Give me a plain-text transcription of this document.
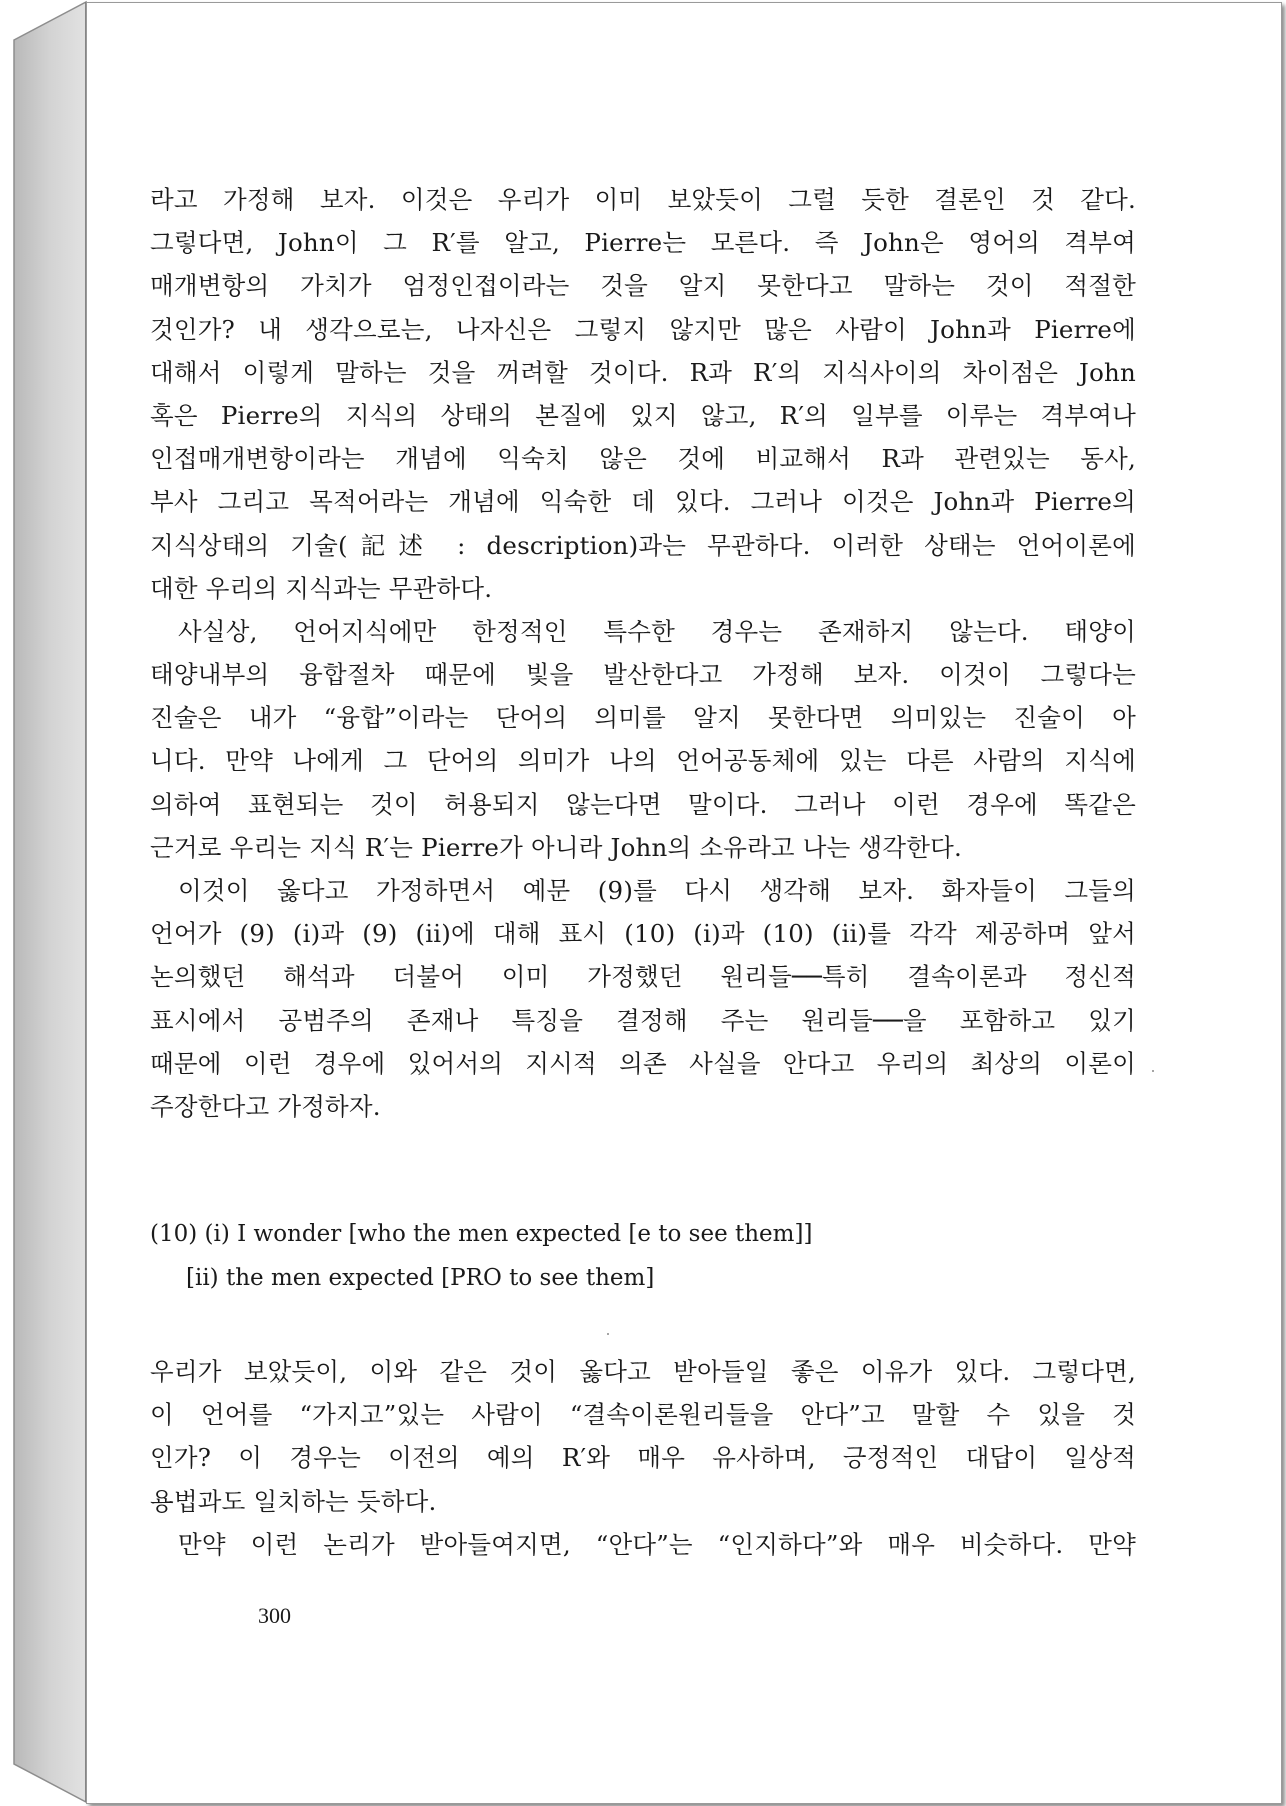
라고 가정해 보자. 이것은 우리가 이미 보았듯이 그럴 듯한 결론인 것 같다.
그렇다면, John이 그 R′를 알고, Pierre는 모른다. 즉 John은 영어의 격부여
매개변항의 가치가 엄정인접이라는 것을 알지 못한다고 말하는 것이 적절한
것인가? 내 생각으로는, 나자신은 그렇지 않지만 많은 사람이 John과 Pierre에
대해서 이렇게 말하는 것을 꺼려할 것이다. R과 R′의 지식사이의 차이점은 John
혹은 Pierre의 지식의 상태의 본질에 있지 않고, R′의 일부를 이루는 격부여나
인접매개변항이라는 개념에 익숙치 않은 것에 비교해서 R과 관련있는 동사,
부사 그리고 목적어라는 개념에 익숙한 데 있다. 그러나 이것은 John과 Pierre의
지식상태의 기술(記述 : description)과는 무관하다. 이러한 상태는 언어이론에
대한 우리의 지식과는 무관하다.
사실상, 언어지식에만 한정적인 특수한 경우는 존재하지 않는다. 태양이
태양내부의 융합절차 때문에 빛을 발산한다고 가정해 보자. 이것이 그렇다는
진술은 내가 “융합”이라는 단어의 의미를 알지 못한다면 의미있는 진술이 아
니다. 만약 나에게 그 단어의 의미가 나의 언어공동체에 있는 다른 사람의 지식에
의하여 표현되는 것이 허용되지 않는다면 말이다. 그러나 이런 경우에 똑같은
근거로 우리는 지식 R′는 Pierre가 아니라 John의 소유라고 나는 생각한다.
이것이 옳다고 가정하면서 예문 (9)를 다시 생각해 보자. 화자들이 그들의
언어가 (9) (i)과 (9) (ii)에 대해 표시 (10) (i)과 (10) (ii)를 각각 제공하며 앞서
논의했던 해석과 더불어 이미 가정했던 원리들──특히 결속이론과 정신적
표시에서 공범주의 존재나 특징을 결정해 주는 원리들──을 포함하고 있기
때문에 이런 경우에 있어서의 지시적 의존 사실을 안다고 우리의 최상의 이론이
주장한다고 가정하자.
(10) (i) I wonder [who the men expected [e to see them]]
[ii) the men expected [PRO to see them]
우리가 보았듯이, 이와 같은 것이 옳다고 받아들일 좋은 이유가 있다. 그렇다면,
이 언어를 “가지고”있는 사람이 “결속이론원리들을 안다”고 말할 수 있을 것
인가? 이 경우는 이전의 예의 R′와 매우 유사하며, 긍정적인 대답이 일상적
용법과도 일치하는 듯하다.
만약 이런 논리가 받아들여지면, “안다”는 “인지하다”와 매우 비슷하다. 만약
300
